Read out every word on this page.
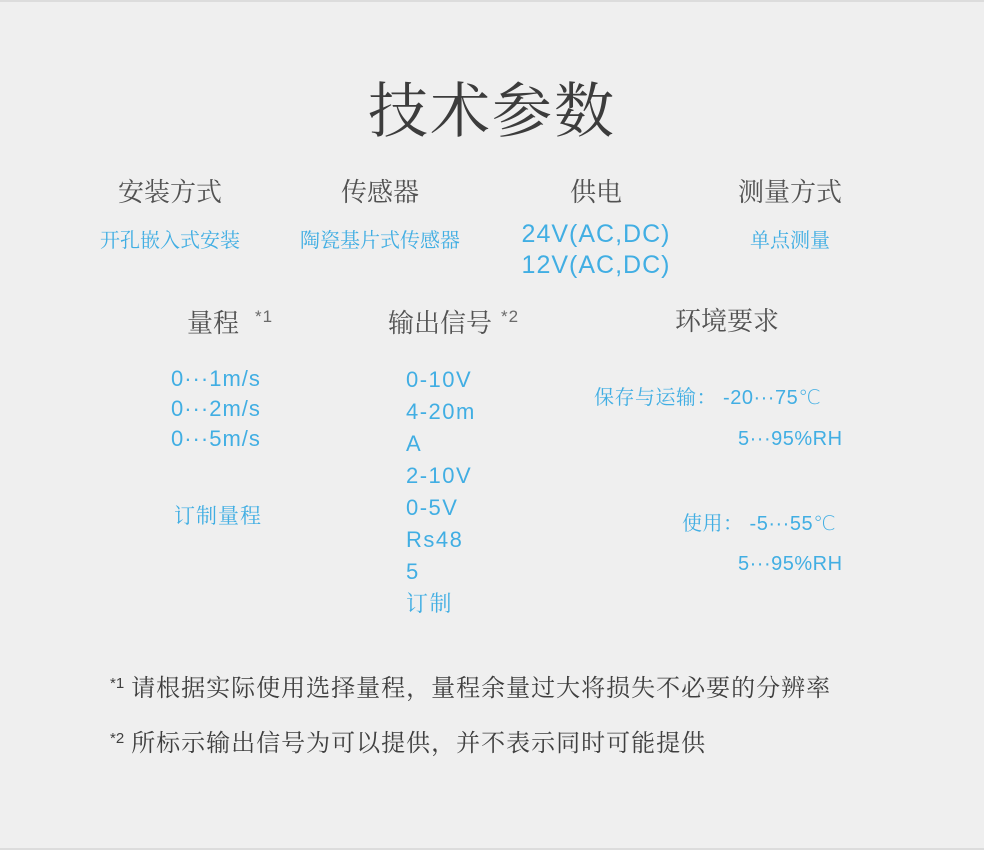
技术参数
安装方式
开孔嵌入式安装
传感器
陶瓷基片式传感器
供电
24V(AC,DC)
12V(AC,DC)
测量方式
单点测量
量程 $^{*1}$	输出信号 $^{*2}$	环境要求
0···1m/s
0···2m/s
0···5m/s
订制量程
0-10V
4-20m
A
2-10V
0-5V
Rs48
5
订制
保存与运输： -20···75℃
5···95%RH
使用： -5···55℃
5···95%RH
$^{*1}$ 请根据实际使用选择量程，量程余量过大将损失不必要的分辨率
$^{*2}$ 所标示输出信号为可以提供，并不表示同时可能提供
